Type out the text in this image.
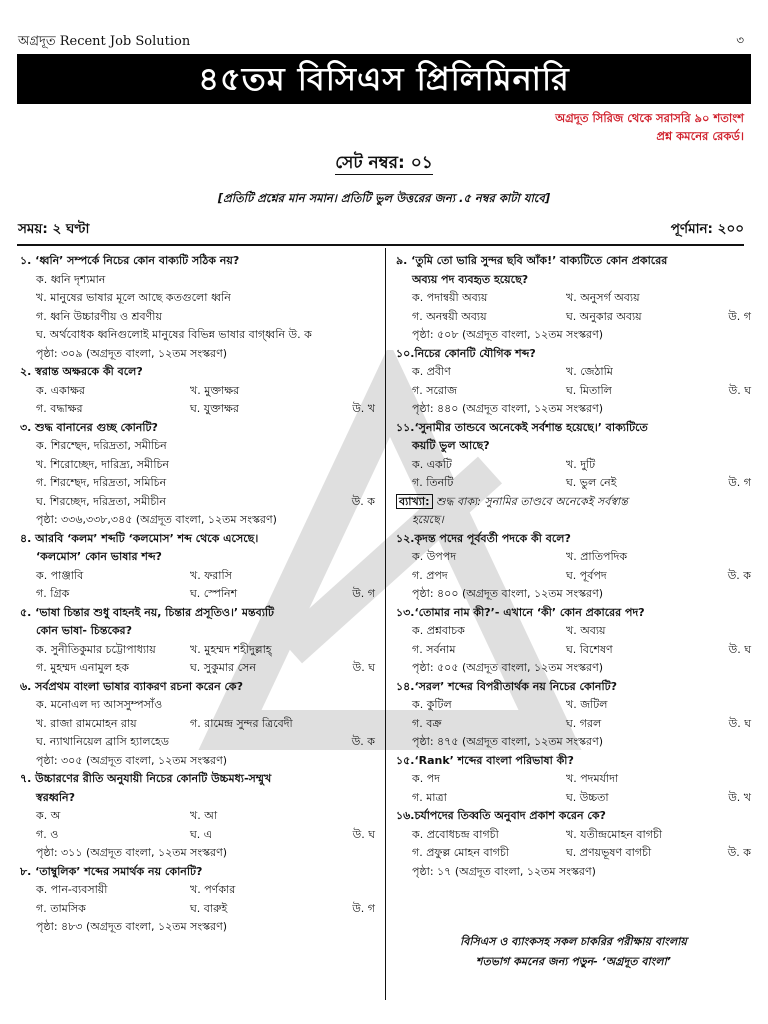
অগ্রদূত Recent Job Solution	৩
৪৫তম বিসিএস প্রিলিমিনারি
অগ্রদূত সিরিজ থেকে সরাসরি ৯০ শতাংশ
প্রশ্ন কমনের রেকর্ড।
সেট নম্বর: ০১
[প্রতিটি প্রশ্নের মান সমান। প্রতিটি ভুল উত্তরের জন্য .৫ নম্বর কাটা যাবে]
সময়: ২ ঘণ্টা	পূর্ণমান: ২০০
১. ‘ধ্বনি’ সম্পর্কে নিচের কোন বাক্যটি সঠিক নয়?
ক. ধ্বনি দৃশ্যমান
খ. মানুষের ভাষার মূলে আছে কতগুলো ধ্বনি
গ. ধ্বনি উচ্চারণীয় ও শ্রবণীয়
ঘ. অর্থবোধক ধ্বনিগুলোই মানুষের বিভিন্ন ভাষার বাগ্‌ধ্বনি উ. ক
পৃষ্ঠা: ৩০৯ (অগ্রদূত বাংলা, ১২তম সংস্করণ)
২. স্বরান্ত অক্ষরকে কী বলে?
ক. একাক্ষর	খ. মুক্তাক্ষর
গ. বদ্ধাক্ষর	ঘ. যুক্তাক্ষর	উ. খ
৩. শুদ্ধ বানানের গুচ্ছ কোনটি?
ক. শিরশ্ছেদ, দরিদ্রতা, সমীচিন
খ. শিরোচ্ছেদ, দারিদ্র্য, সমীচিন
গ. শিরশ্ছেদ, দরিদ্রতা, সমিচিন
ঘ. শিরচ্ছেদ, দরিদ্রতা, সমীচীন	উ. ক
পৃষ্ঠা: ৩৩৬,৩৩৮,৩৪৫ (অগ্রদূত বাংলা, ১২তম সংস্করণ)
৪. আরবি ‘কলম’ শব্দটি ‘কলমোস’ শব্দ থেকে এসেছে।
‘কলমোস’ কোন ভাষার শব্দ?
ক. পাঞ্জাবি	খ. ফরাসি
গ. গ্রিক	ঘ. স্পেনিশ	উ. গ
৫. ‘ভাষা চিন্তার শুধু বাহনই নয়, চিন্তার প্রসূতিও।’ মন্তব্যটি
কোন ভাষা- চিন্তকের?
ক. সুনীতিকুমার চট্টোপাধ্যায়	খ. মুহম্মদ শহীদুল্লাহ্‌
গ. মুহম্মদ এনামুল হক	ঘ. সুকুমার সেন	উ. ঘ
৬. সর্বপ্রথম বাংলা ভাষার ব্যাকরণ রচনা করেন কে?
ক. মনোএল দ্য আসসুম্পসাঁও
খ. রাজা রামমোহন রায়	গ. রামেন্দ্র সুন্দর ত্রিবেদী
ঘ. ন্যাথানিয়েল ব্রাসি হ্যালহেড	উ. ক
পৃষ্ঠা: ৩০৫ (অগ্রদূত বাংলা, ১২তম সংস্করণ)
৭. উচ্চারণের রীতি অনুযায়ী নিচের কোনটি উচ্চমধ্য-সম্মুখ
স্বরধ্বনি?
ক. অ	খ. আ
গ. ও	ঘ. এ	উ. ঘ
পৃষ্ঠা: ৩১১ (অগ্রদূত বাংলা, ১২তম সংস্করণ)
৮. ‘তাম্বুলিক’ শব্দের সমার্থক নয় কোনটি?
ক. পান-ব্যবসায়ী	খ. পর্ণকার
গ. তামসিক	ঘ. বারুই	উ. গ
পৃষ্ঠা: ৪৮৩ (অগ্রদূত বাংলা, ১২তম সংস্করণ)
৯. ‘তুমি তো ভারি সুন্দর ছবি আঁক!’ বাক্যটিতে কোন প্রকারের
অব্যয় পদ ব্যবহৃত হয়েছে?
ক. পদান্বয়ী অব্যয়	খ. অনুসর্গ অব্যয়
গ. অনন্বয়ী অব্যয়	ঘ. অনুকার অব্যয়	উ. গ
পৃষ্ঠা: ৫০৮ (অগ্রদূত বাংলা, ১২তম সংস্করণ)
১০.নিচের কোনটি যৌগিক শব্দ?
ক. প্রবীণ	খ. জেঠামি
গ. সরোজ	ঘ. মিতালি	উ. ঘ
পৃষ্ঠা: ৪৪০ (অগ্রদূত বাংলা, ১২তম সংস্করণ)
১১.‘সুনামীর তান্ডবে অনেকেই সর্বশান্ত হয়েছে।’ বাক্যটিতে
কয়টি ভুল আছে?
ক. একটি	খ. দুটি
গ. তিনটি	ঘ. ভুল নেই	উ. গ
ব্যাখ্যা: শুদ্ধ বাক্য: সুনামির তাণ্ডবে অনেকেই সর্বস্বান্ত
হয়েছে।
১২.কৃদন্ত পদের পূর্ববর্তী পদকে কী বলে?
ক. উপপদ	খ. প্রাতিপদিক
গ. প্রপদ	ঘ. পূর্বপদ	উ. ক
পৃষ্ঠা: ৪০০ (অগ্রদূত বাংলা, ১২তম সংস্করণ)
১৩.‘তোমার নাম কী?’- এখানে ‘কী’ কোন প্রকারের পদ?
ক. প্রশ্নবাচক	খ. অব্যয়
গ. সর্বনাম	ঘ. বিশেষণ	উ. ঘ
পৃষ্ঠা: ৫০৫ (অগ্রদূত বাংলা, ১২তম সংস্করণ)
১৪.‘সরল’ শব্দের বিপরীতার্থক নয় নিচের কোনটি?
ক. কুটিল	খ. জটিল
গ. বক্র	ঘ. গরল	উ. ঘ
পৃষ্ঠা: ৪৭৫ (অগ্রদূত বাংলা, ১২তম সংস্করণ)
১৫.‘Rank’ শব্দের বাংলা পরিভাষা কী?
ক. পদ	খ. পদমর্যাদা
গ. মাত্রা	ঘ. উচ্চতা	উ. খ
১৬.চর্যাপদের তিব্বতি অনুবাদ প্রকাশ করেন কে?
ক. প্রবোধচন্দ্র বাগচী	খ. যতীন্দ্রমোহন বাগচী
গ. প্রফুল্ল মোহন বাগচী	ঘ. প্রণয়ভূষণ বাগচী	উ. ক
পৃষ্ঠা: ১৭ (অগ্রদূত বাংলা, ১২তম সংস্করণ)
বিসিএস ও ব্যাংকসহ সকল চাকরির পরীক্ষায় বাংলায়
শতভাগ কমনের জন্য পড়ুন- ‘অগ্রদূত বাংলা’
